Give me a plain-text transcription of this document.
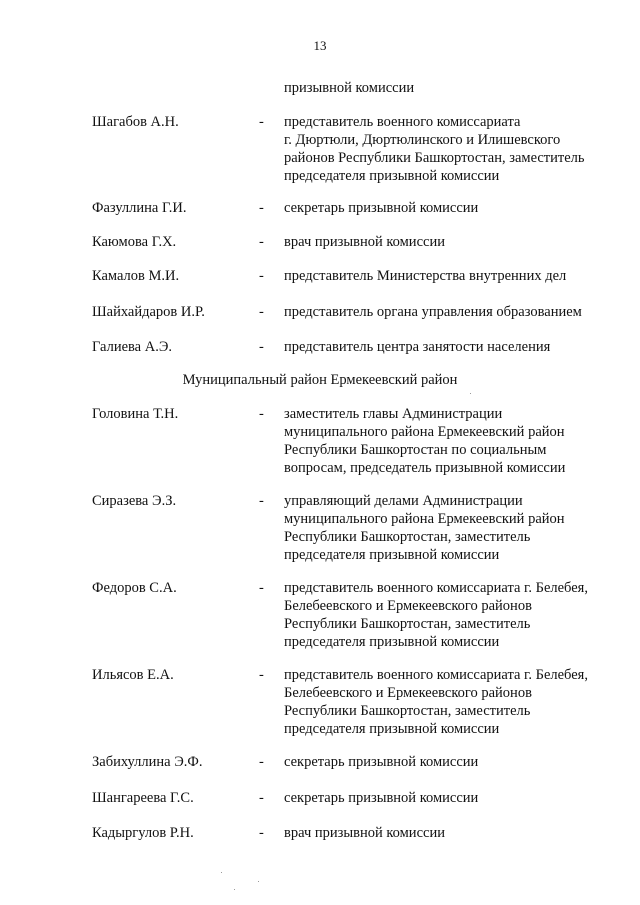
13
призывной комиссии
Шагабов А.Н.	- представитель военного комиссариата
г. Дюртюли, Дюртюлинского и Илишевского
районов Республики Башкортостан, заместитель
председателя призывной комиссии
Фазуллина Г.И.	- секретарь призывной комиссии
Каюмова Г.Х.	- врач призывной комиссии
Камалов М.И.	- представитель Министерства внутренних дел
Шайхайдаров И.Р.	- представитель органа управления образованием
Галиева А.Э.	- представитель центра занятости населения
Муниципальный район Ермекеевский район
Головина Т.Н.	- заместитель главы Администрации
муниципального района Ермекеевский район
Республики Башкортостан по социальным
вопросам, председатель призывной комиссии
Сиразева Э.З.	- управляющий делами Администрации
муниципального района Ермекеевский район
Республики Башкортостан, заместитель
председателя призывной комиссии
Федоров С.А.	- представитель военного комиссариата г. Белебея,
Белебеевского и Ермекеевского районов
Республики Башкортостан, заместитель
председателя призывной комиссии
Ильясов Е.А.	- представитель военного комиссариата г. Белебея,
Белебеевского и Ермекеевского районов
Республики Башкортостан, заместитель
председателя призывной комиссии
Забихуллина Э.Ф.	- секретарь призывной комиссии
Шангареева Г.С.	- секретарь призывной комиссии
Кадыргулов Р.Н.	- врач призывной комиссии
